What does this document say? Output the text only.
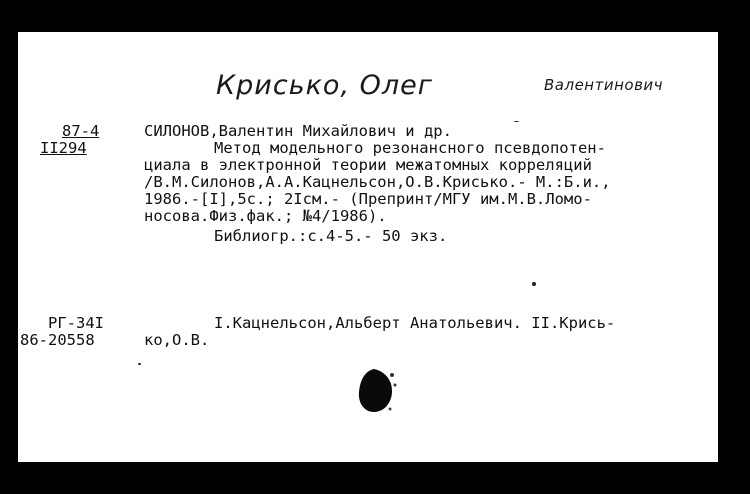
Крисько, Олег	Валентинович
87-4
II294
СИЛОНОВ,Валентин Михайлович и др.
Метод модельного резонансного псевдопотен-
циала в электронной теории межатомных корреляций
/В.М.Силонов,А.А.Кацнельсон,О.В.Крисько.- М.:Б.и.,
1986.-[I],5с.; 2Iсм.- (Препринт/МГУ им.М.В.Ломо-
носова.Физ.фак.; №4/1986).
Библиогр.:с.4-5.- 50 экз.
РГ-34I
86-20558
I.Кацнельсон,Альберт Анатольевич. II.Крись-
ко,О.В.
